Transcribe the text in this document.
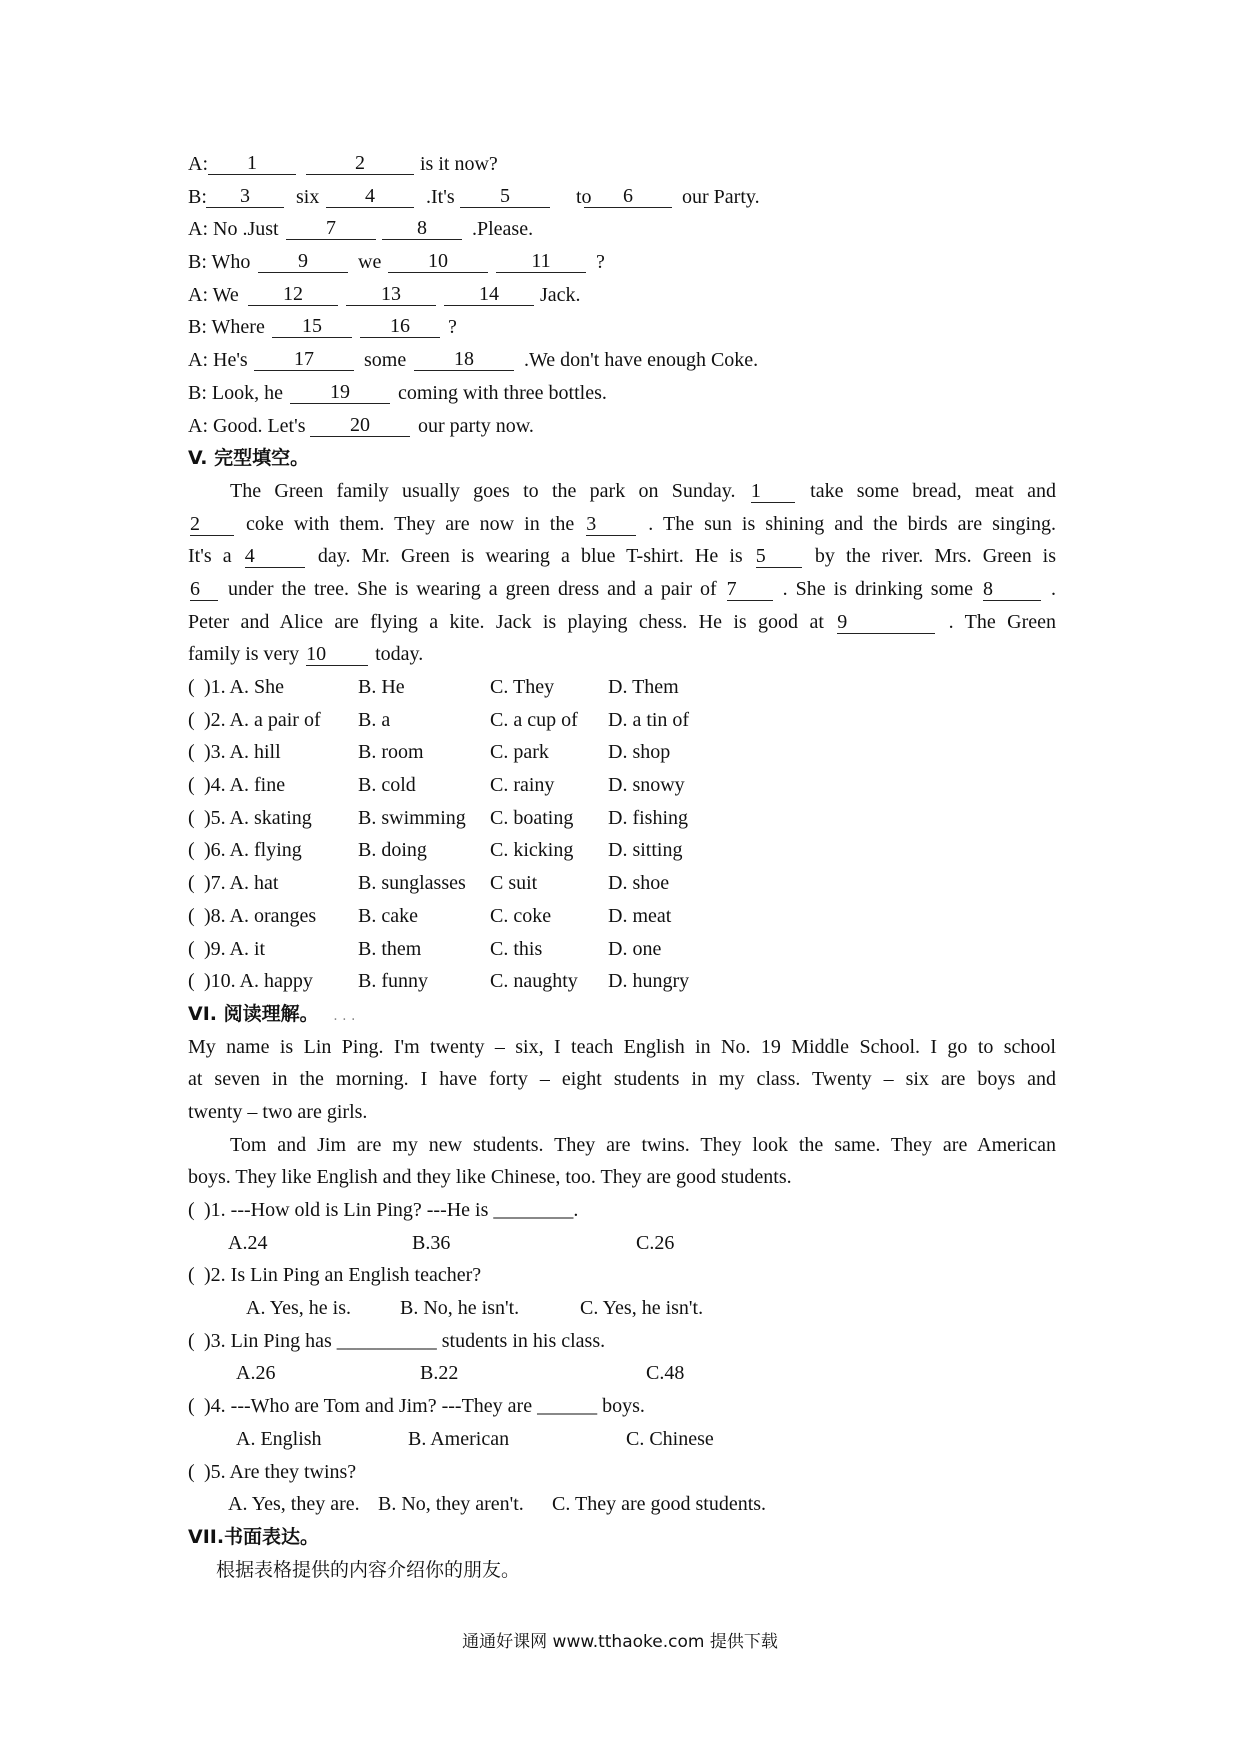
A:	1	2	is it now?
B:	3	six	4	.It's	5	to	6	our Party.
A: No .Just	7	8	.Please.
B: Who	9	we	10	11	?
A: We	12	13	14	Jack.
B: Where	15	16	?
A: He's	17	some	18	.We don't have enough Coke.
B: Look, he	19	coming with three bottles.
A: Good. Let's	20	our party now.
V. 完型填空。
The Green family usually goes to the park on Sunday. 1 take some bread, meat and
2 coke with them. They are now in the 3	. The sun is shining and the birds are singing.
It's a 4	day. Mr. Green is wearing a blue T-shirt. He is 5 by the river. Mrs. Green is
6 under the tree. She is wearing a green dress and a pair of 7 . She is drinking some 8	.
Peter and Alice are flying a kite. Jack is playing chess. He is good at 9	. The Green
family is very 10 today.
( )1. A. She	B. He	C. They	D. Them
( )2. A. a pair of B. a	C. a cup of D. a tin of
( )3. A. hill	B. room	C. park	D. shop
( )4. A. fine	B. cold	C. rainy	D. snowy
( )5. A. skating B. swimming C. boating D. fishing
( )6. A. flying	B. doing	C. kicking D. sitting
( )7. A. hat	B. sunglasses C suit	D. shoe
( )8. A. oranges B. cake	C. coke	D. meat
( )9. A. it	B. them	C. this	D. one
( )10. A. happy B. funny	C. naughty D. hungry
VI. 阅读理解。 . . .
My name is Lin Ping. I'm twenty – six, I teach English in No. 19 Middle School. I go to school
at seven in the morning. I have forty – eight students in my class. Twenty – six are boys and
twenty – two are girls.
Tom and Jim are my new students. They are twins. They look the same. They are American
boys. They like English and they like Chinese, too. They are good students.
( )1. ---How old is Lin Ping? ---He is ________.
A.24	B.36	C.26
( )2. Is Lin Ping an English teacher?
A. Yes, he is. B. No, he isn't.	C. Yes, he isn't.
( )3. Lin Ping has __________ students in his class.
A.26	B.22	C.48
( )4. ---Who are Tom and Jim? ---They are ______ boys.
A. English	B. American	C. Chinese
( )5. Are they twins?
A. Yes, they are. B. No, they aren't. C. They are good students.
VII.书面表达。
根据表格提供的内容介绍你的朋友。
通通好课网 www.tthaoke.com 提供下载
